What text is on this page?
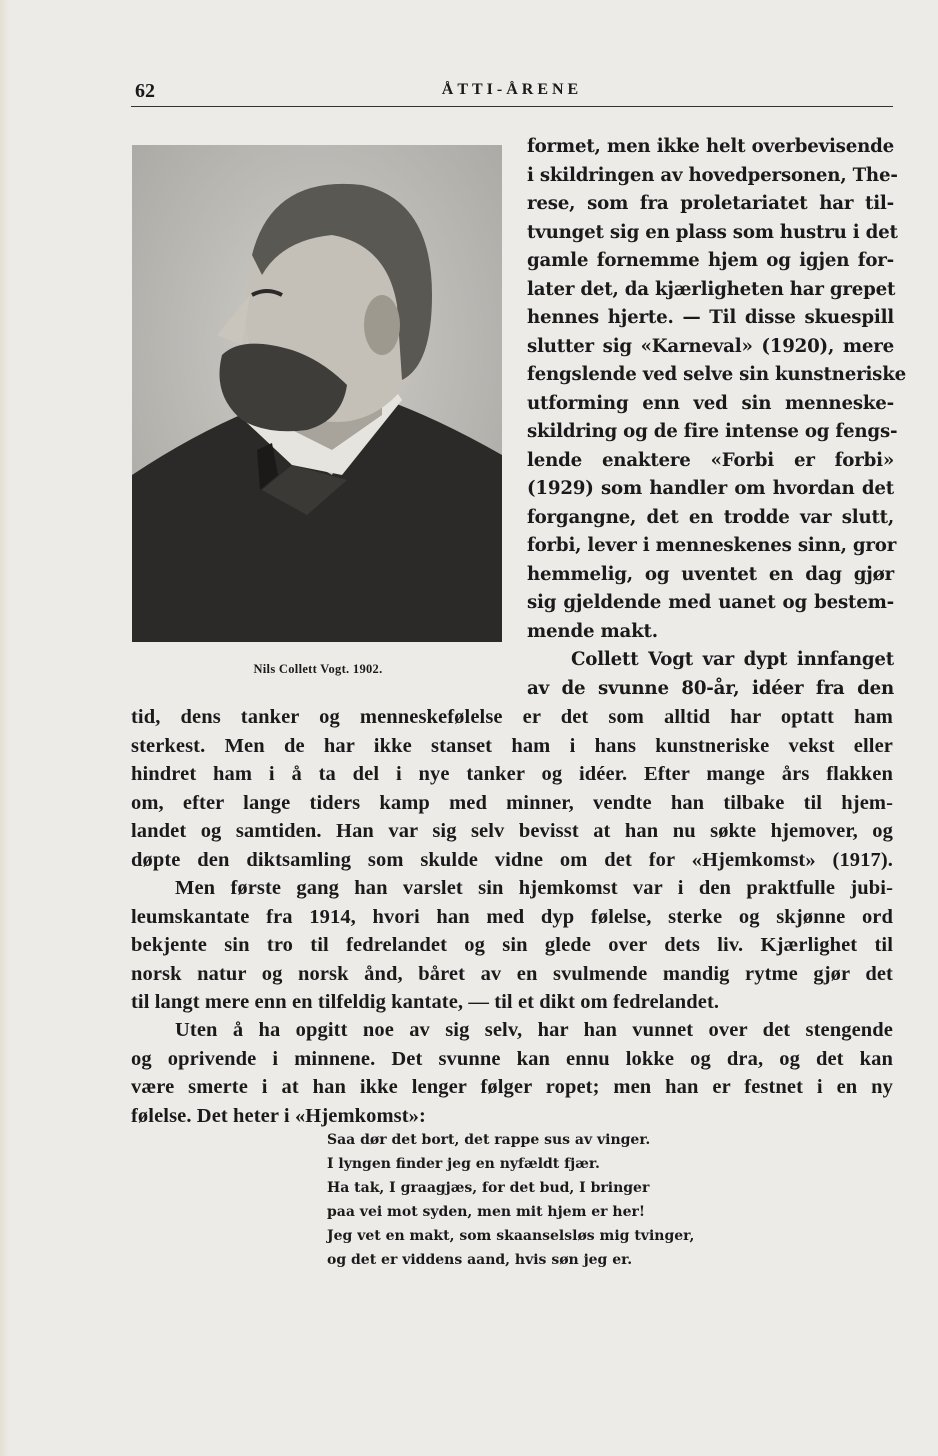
62	ÅTTI-ÅRENE
Nils Collett Vogt. 1902.
formet, men ikke helt overbevisende
i skildringen av hovedpersonen, The-
rese, som fra proletariatet har til-
tvunget sig en plass som hustru i det
gamle fornemme hjem og igjen for-
later det, da kjærligheten har grepet
hennes hjerte. — Til disse skuespill
slutter sig «Karneval» (1920), mere
fengslende ved selve sin kunstneriske
utforming enn ved sin menneske-
skildring og de fire intense og fengs-
lende enaktere «Forbi er forbi»
(1929) som handler om hvordan det
forgangne, det en trodde var slutt,
forbi, lever i menneskenes sinn, gror
hemmelig, og uventet en dag gjør
sig gjeldende med uanet og bestem-
mende makt.
Collett Vogt var dypt innfanget
av de svunne 80-år, idéer fra den
tid, dens tanker og menneskefølelse er det som alltid har optatt ham
sterkest. Men de har ikke stanset ham i hans kunstneriske vekst eller
hindret ham i å ta del i nye tanker og idéer. Efter mange års flakken
om, efter lange tiders kamp med minner, vendte han tilbake til hjem-
landet og samtiden. Han var sig selv bevisst at han nu søkte hjemover, og
døpte den diktsamling som skulde vidne om det for «Hjemkomst» (1917).
Men første gang han varslet sin hjemkomst var i den praktfulle jubi-
leumskantate fra 1914, hvori han med dyp følelse, sterke og skjønne ord
bekjente sin tro til fedrelandet og sin glede over dets liv. Kjærlighet til
norsk natur og norsk ånd, båret av en svulmende mandig rytme gjør det
til langt mere enn en tilfeldig kantate, — til et dikt om fedrelandet.
Uten å ha opgitt noe av sig selv, har han vunnet over det stengende
og oprivende i minnene. Det svunne kan ennu lokke og dra, og det kan
være smerte i at han ikke lenger følger ropet; men han er festnet i en ny
følelse. Det heter i «Hjemkomst»:
Saa dør det bort, det rappe sus av vinger.
I lyngen finder jeg en nyfældt fjær.
Ha tak, I graagjæs, for det bud, I bringer
paa vei mot syden, men mit hjem er her!
Jeg vet en makt, som skaanselsløs mig tvinger,
og det er viddens aand, hvis søn jeg er.
